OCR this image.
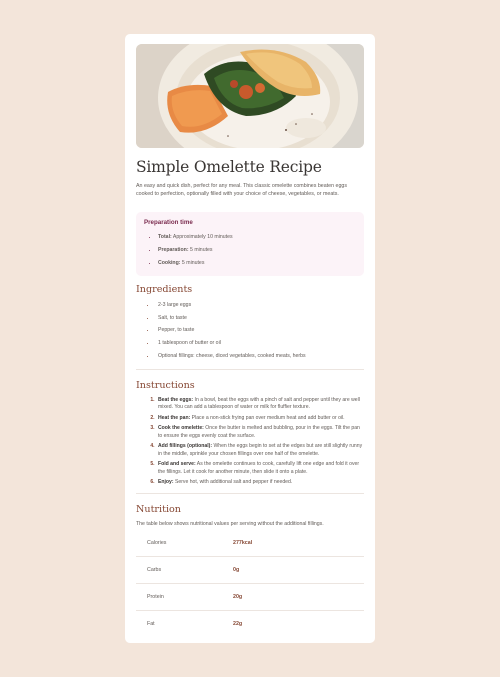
Simple Omelette Recipe

An easy and quick dish, perfect for any meal. This classic omelette combines beaten eggs cooked to perfection, optionally filled with your choice of cheese, vegetables, or meats.

Preparation time
• Total: Approximately 10 minutes
• Preparation: 5 minutes
• Cooking: 5 minutes
Ingredients
• 2-3 large eggs
• Salt, to taste
• Pepper, to taste
• 1 tablespoon of butter or oil
• Optional fillings: cheese, diced vegetables, cooked meats, herbs
Instructions
1. Beat the eggs: In a bowl, beat the eggs with a pinch of salt and pepper until they are well mixed. You can add a tablespoon of water or milk for fluffier texture.
2. Heat the pan: Place a non-stick frying pan over medium heat and add butter or oil.
3. Cook the omelette: Once the butter is melted and bubbling, pour in the eggs. Tilt the pan to ensure the eggs evenly coat the surface.
4. Add fillings (optional): When the eggs begin to set at the edges but are still slightly runny in the middle, sprinkle your chosen fillings over one half of the omelette.
5. Fold and serve: As the omelette continues to cook, carefully lift one edge and fold it over the fillings. Let it cook for another minute, then slide it onto a plate.
6. Enjoy: Serve hot, with additional salt and pepper if needed.
Nutrition

The table below shows nutritional values per serving without the additional fillings.

Calories	277kcal
Carbs	0g
Protein	20g
Fat	22g
